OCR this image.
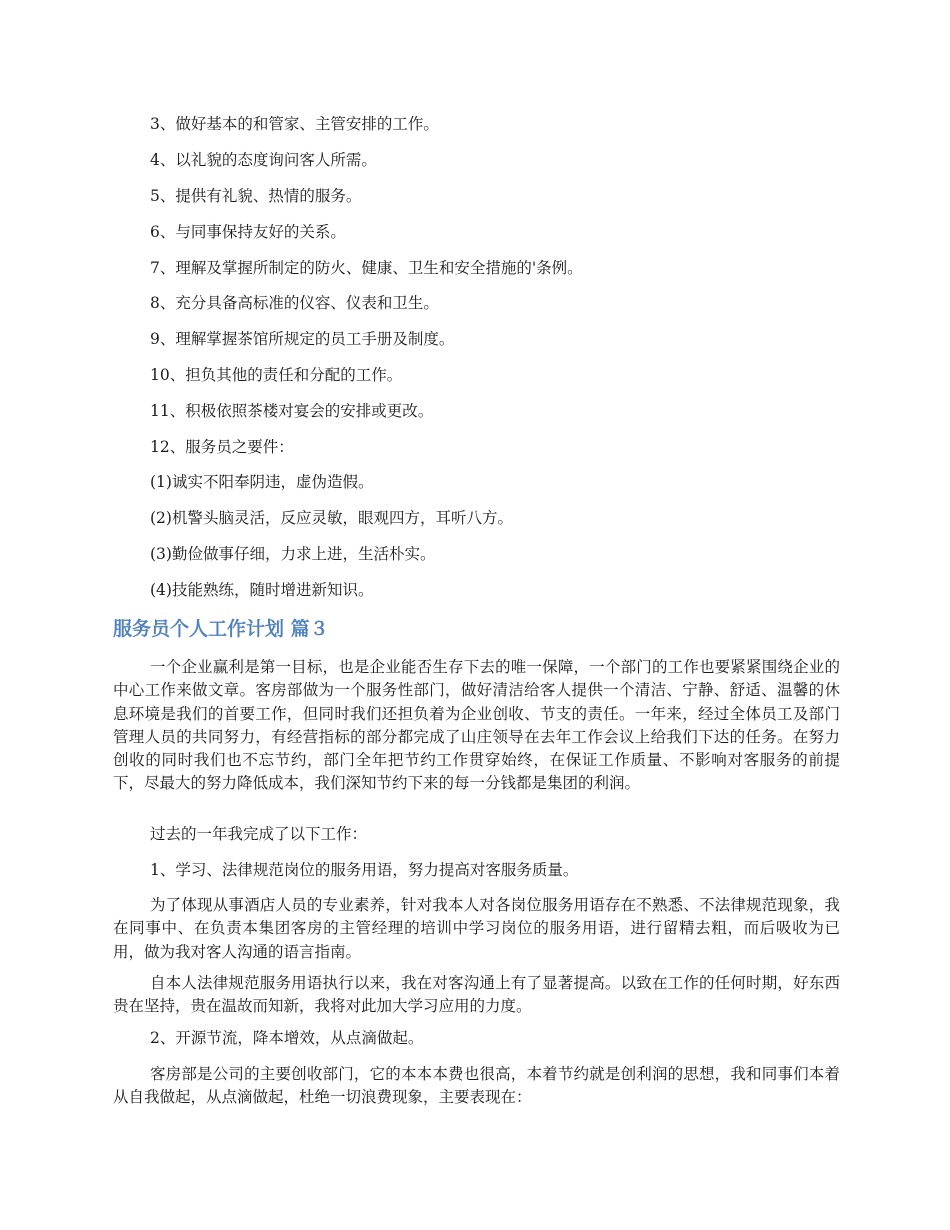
3、做好基本的和管家、主管安排的工作。

4、以礼貌的态度询问客人所需。

5、提供有礼貌、热情的服务。

6、与同事保持友好的关系。

7、理解及掌握所制定的防火、健康、卫生和安全措施的'条例。

8、充分具备高标准的仪容、仪表和卫生。

9、理解掌握茶馆所规定的员工手册及制度。

10、担负其他的责任和分配的工作。

11、积极依照茶楼对宴会的安排或更改。

12、服务员之要件：

(1)诚实不阳奉阴违，虚伪造假。

(2)机警头脑灵活，反应灵敏，眼观四方，耳听八方。

(3)勤俭做事仔细，力求上进，生活朴实。

(4)技能熟练，随时增进新知识。

服务员个人工作计划 篇３

一个企业赢利是第一目标，也是企业能否生存下去的唯一保障，一个部门的工作也要紧紧围绕企业的中心工作来做文章。客房部做为一个服务性部门，做好清洁给客人提供一个清洁、宁静、舒适、温馨的休息环境是我们的首要工作，但同时我们还担负着为企业创收、节支的责任。一年来，经过全体员工及部门管理人员的共同努力，有经营指标的部分都完成了山庄领导在去年工作会议上给我们下达的任务。在努力创收的同时我们也不忘节约，部门全年把节约工作贯穿始终，在保证工作质量、不影响对客服务的前提下，尽最大的努力降低成本，我们深知节约下来的每一分钱都是集团的利润。

过去的一年我完成了以下工作：

1、学习、法律规范岗位的服务用语，努力提高对客服务质量。

为了体现从事酒店人员的专业素养，针对我本人对各岗位服务用语存在不熟悉、不法律规范现象，我在同事中、在负责本集团客房的主管经理的培训中学习岗位的服务用语，进行留精去粗，而后吸收为已用，做为我对客人沟通的语言指南。

自本人法律规范服务用语执行以来，我在对客沟通上有了显著提高。以致在工作的任何时期，好东西贵在坚持，贵在温故而知新，我将对此加大学习应用的力度。

2、开源节流，降本增效，从点滴做起。

客房部是公司的主要创收部门，它的本本本费也很高，本着节约就是创利润的思想，我和同事们本着从自我做起，从点滴做起，杜绝一切浪费现象，主要表现在：
